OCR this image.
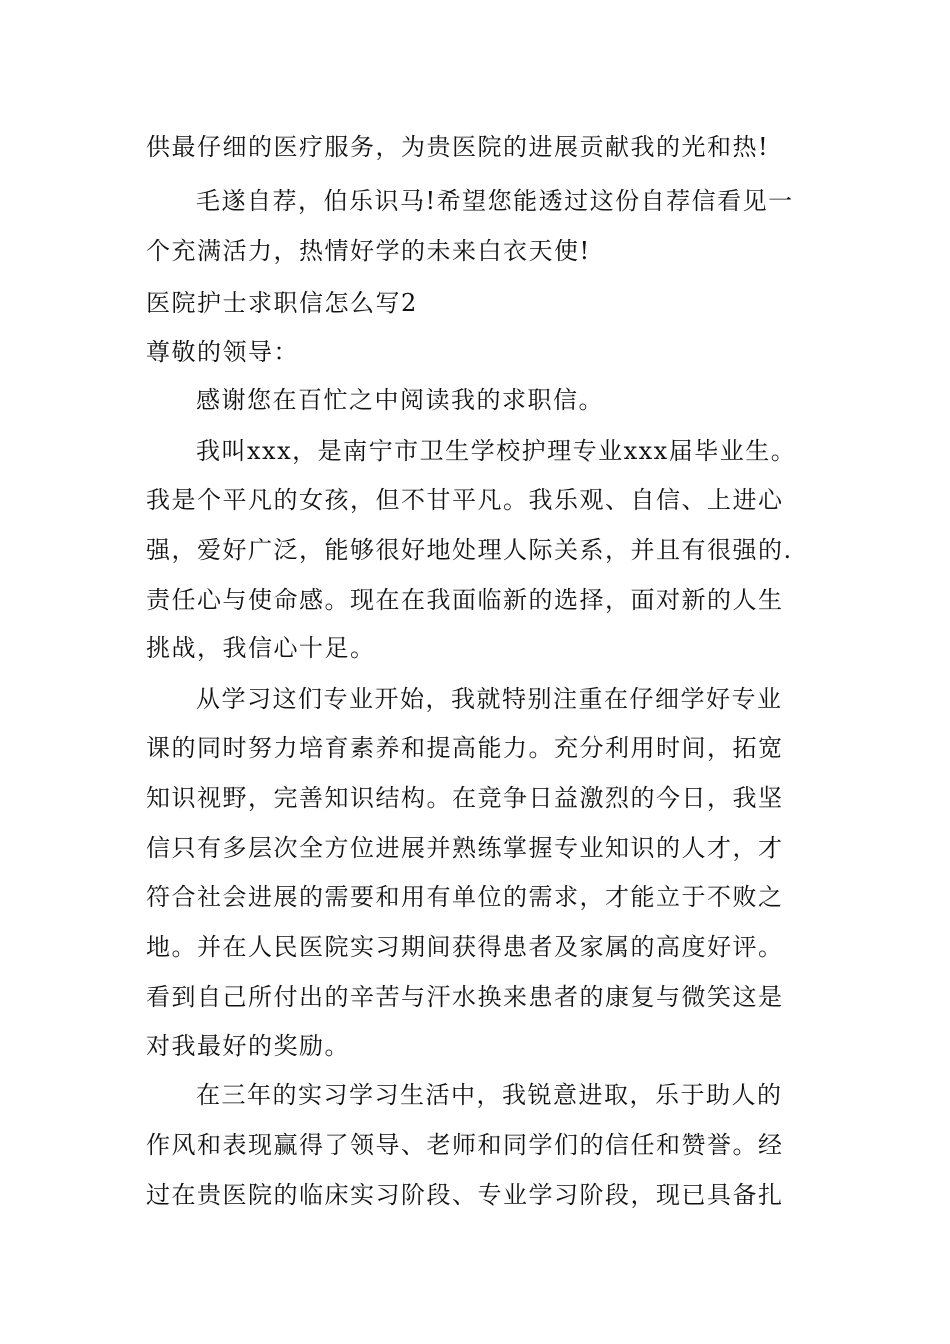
供最仔细的医疗服务，为贵医院的进展贡献我的光和热!
毛遂自荐，伯乐识马!希望您能透过这份自荐信看见一
个充满活力，热情好学的未来白衣天使!
医院护士求职信怎么写2
尊敬的领导：
感谢您在百忙之中阅读我的求职信。
我叫xxx，是南宁市卫生学校护理专业xxx届毕业生。
我是个平凡的女孩，但不甘平凡。我乐观、自信、上进心
强，爱好广泛，能够很好地处理人际关系，并且有很强的.
责任心与使命感。现在在我面临新的选择，面对新的人生
挑战，我信心十足。
从学习这们专业开始，我就特别注重在仔细学好专业
课的同时努力培育素养和提高能力。充分利用时间，拓宽
知识视野，完善知识结构。在竞争日益激烈的今日，我坚
信只有多层次全方位进展并熟练掌握专业知识的人才，才
符合社会进展的需要和用有单位的需求，才能立于不败之
地。并在人民医院实习期间获得患者及家属的高度好评。
看到自己所付出的辛苦与汗水换来患者的康复与微笑这是
对我最好的奖励。
在三年的实习学习生活中，我锐意进取，乐于助人的
作风和表现赢得了领导、老师和同学们的信任和赞誉。经
过在贵医院的临床实习阶段、专业学习阶段，现已具备扎
